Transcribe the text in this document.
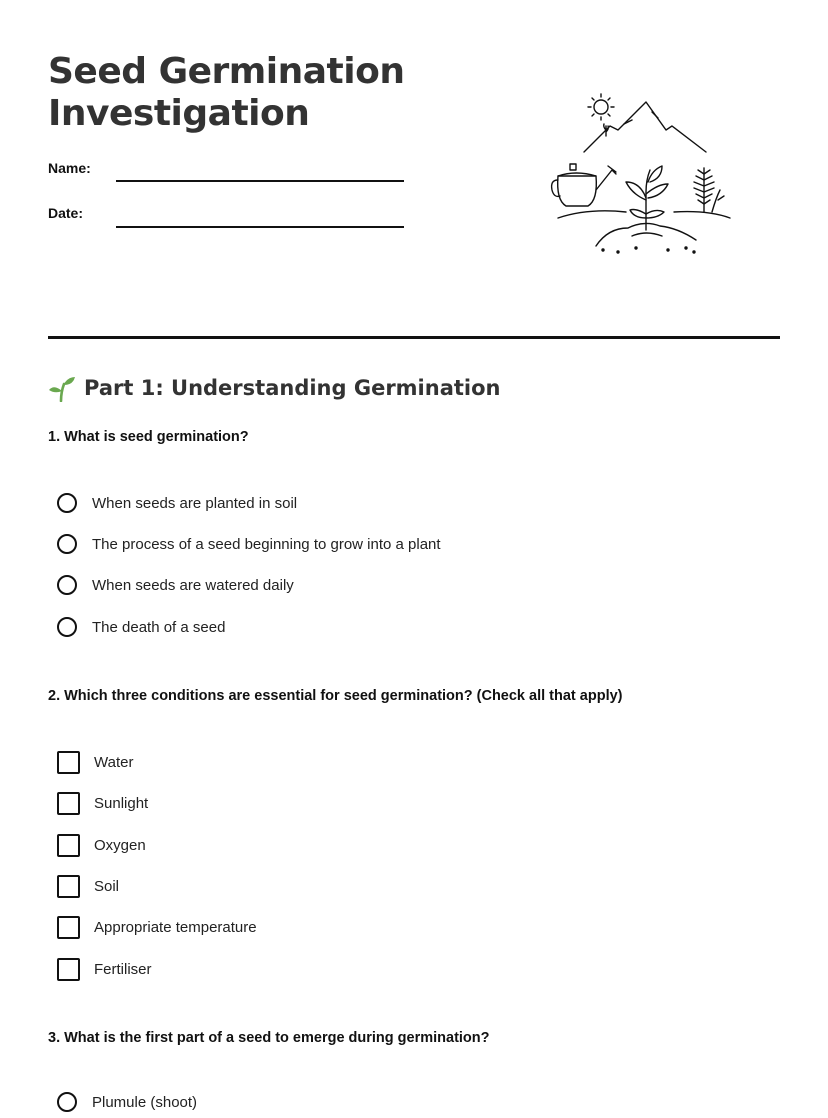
Seed Germination
Investigation
Name:
Date:
Part 1: Understanding Germination
1. What is seed germination?
When seeds are planted in soil
The process of a seed beginning to grow into a plant
When seeds are watered daily
The death of a seed
2. Which three conditions are essential for seed germination? (Check all that apply)
Water
Sunlight
Oxygen
Soil
Appropriate temperature
Fertiliser
3. What is the first part of a seed to emerge during germination?
Plumule (shoot)
